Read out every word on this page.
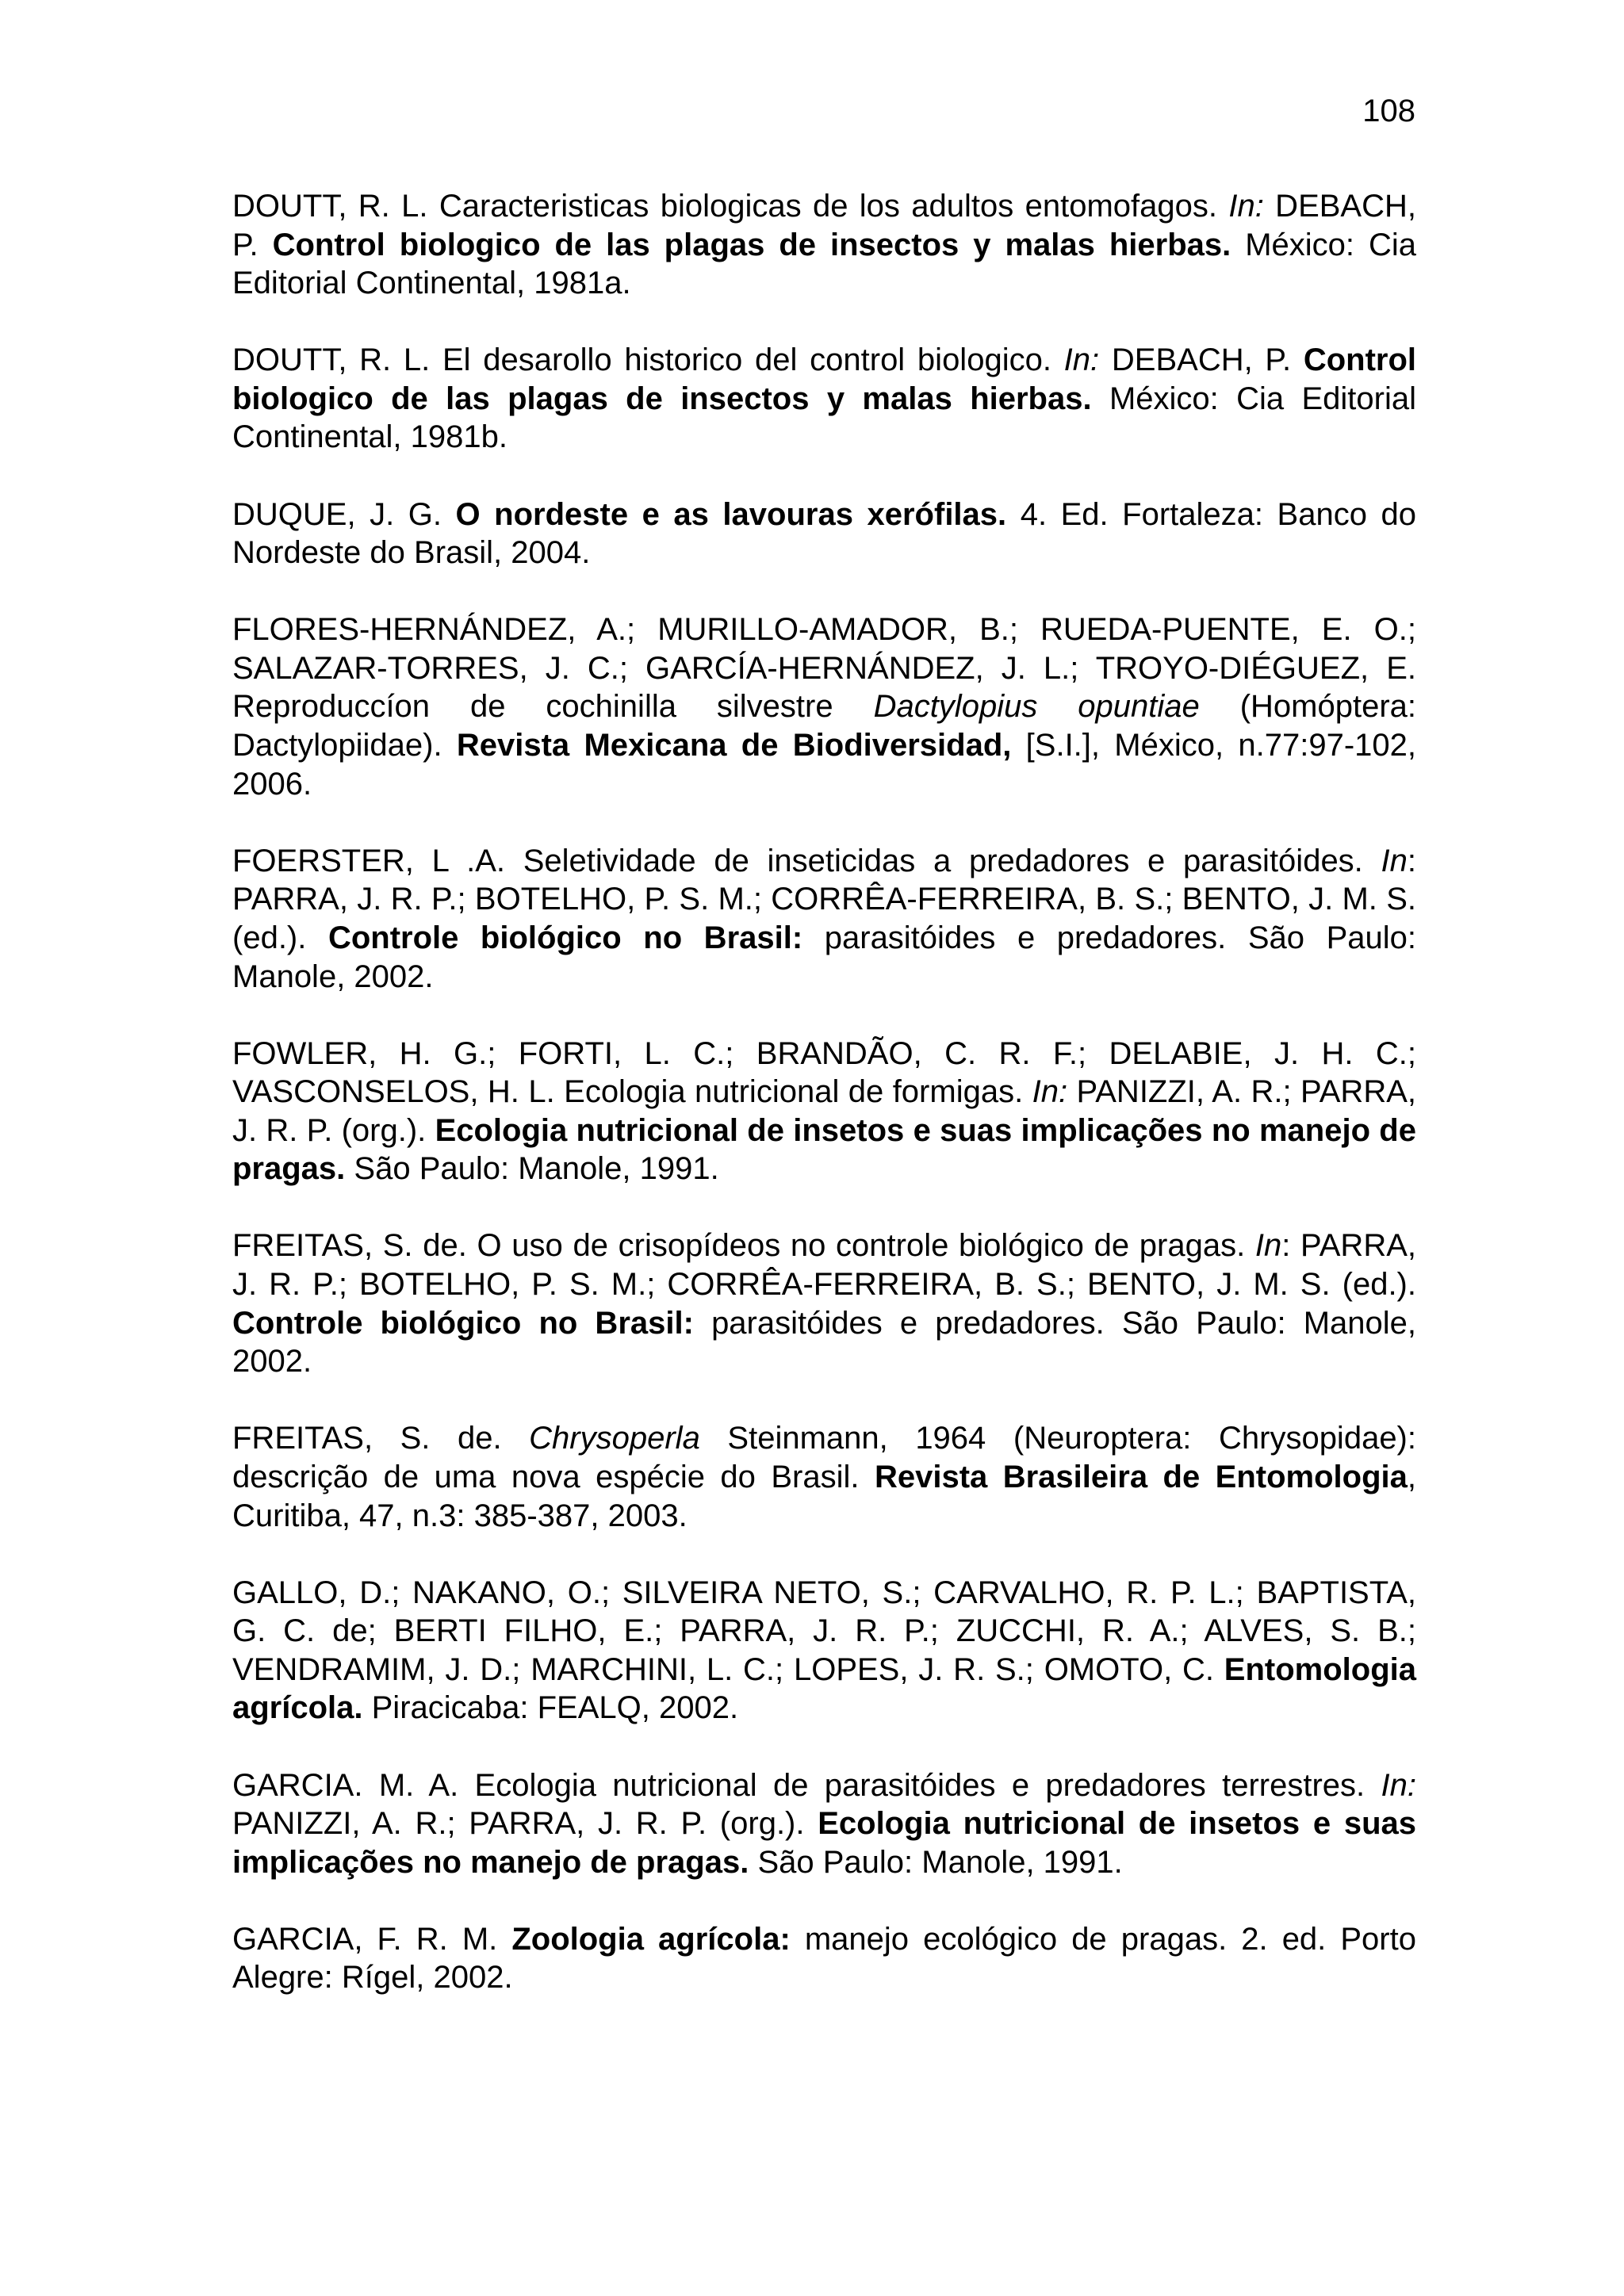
108

DOUTT, R. L. Caracteristicas biologicas de los adultos entomofagos. In: DEBACH, P. Control biologico de las plagas de insectos y malas hierbas. México: Cia Editorial Continental, 1981a.

DOUTT, R. L. El desarollo historico del control biologico. In: DEBACH, P. Control biologico de las plagas de insectos y malas hierbas. México: Cia Editorial Continental, 1981b.

DUQUE, J. G. O nordeste e as lavouras xerófilas. 4. Ed. Fortaleza: Banco do Nordeste do Brasil, 2004.

FLORES-HERNÁNDEZ, A.; MURILLO-AMADOR, B.; RUEDA-PUENTE, E. O.; SALAZAR-TORRES, J. C.; GARCÍA-HERNÁNDEZ, J. L.; TROYO-DIÉGUEZ, E. Reproduccíon de cochinilla silvestre Dactylopius opuntiae (Homóptera: Dactylopiidae). Revista Mexicana de Biodiversidad, [S.I.], México, n.77:97-102, 2006.

FOERSTER, L .A. Seletividade de inseticidas a predadores e parasitóides. In: PARRA, J. R. P.; BOTELHO, P. S. M.; CORRÊA-FERREIRA, B. S.; BENTO, J. M. S. (ed.). Controle biológico no Brasil: parasitóides e predadores. São Paulo: Manole, 2002.

FOWLER, H. G.; FORTI, L. C.; BRANDÃO, C. R. F.; DELABIE, J. H. C.; VASCONSELOS, H. L. Ecologia nutricional de formigas. In: PANIZZI, A. R.; PARRA, J. R. P. (org.). Ecologia nutricional de insetos e suas implicações no manejo de pragas. São Paulo: Manole, 1991.

FREITAS, S. de. O uso de crisopídeos no controle biológico de pragas. In: PARRA, J. R. P.; BOTELHO, P. S. M.; CORRÊA-FERREIRA, B. S.; BENTO, J. M. S. (ed.). Controle biológico no Brasil: parasitóides e predadores. São Paulo: Manole, 2002.

FREITAS, S. de. Chrysoperla Steinmann, 1964 (Neuroptera: Chrysopidae): descrição de uma nova espécie do Brasil. Revista Brasileira de Entomologia, Curitiba, 47, n.3: 385-387, 2003.

GALLO, D.; NAKANO, O.; SILVEIRA NETO, S.; CARVALHO, R. P. L.; BAPTISTA, G. C. de; BERTI FILHO, E.; PARRA, J. R. P.; ZUCCHI, R. A.; ALVES, S. B.; VENDRAMIM, J. D.; MARCHINI, L. C.; LOPES, J. R. S.; OMOTO, C. Entomologia agrícola. Piracicaba: FEALQ, 2002.

GARCIA. M. A. Ecologia nutricional de parasitóides e predadores terrestres. In: PANIZZI, A. R.; PARRA, J. R. P. (org.). Ecologia nutricional de insetos e suas implicações no manejo de pragas. São Paulo: Manole, 1991.

GARCIA, F. R. M. Zoologia agrícola: manejo ecológico de pragas. 2. ed. Porto Alegre: Rígel, 2002.
